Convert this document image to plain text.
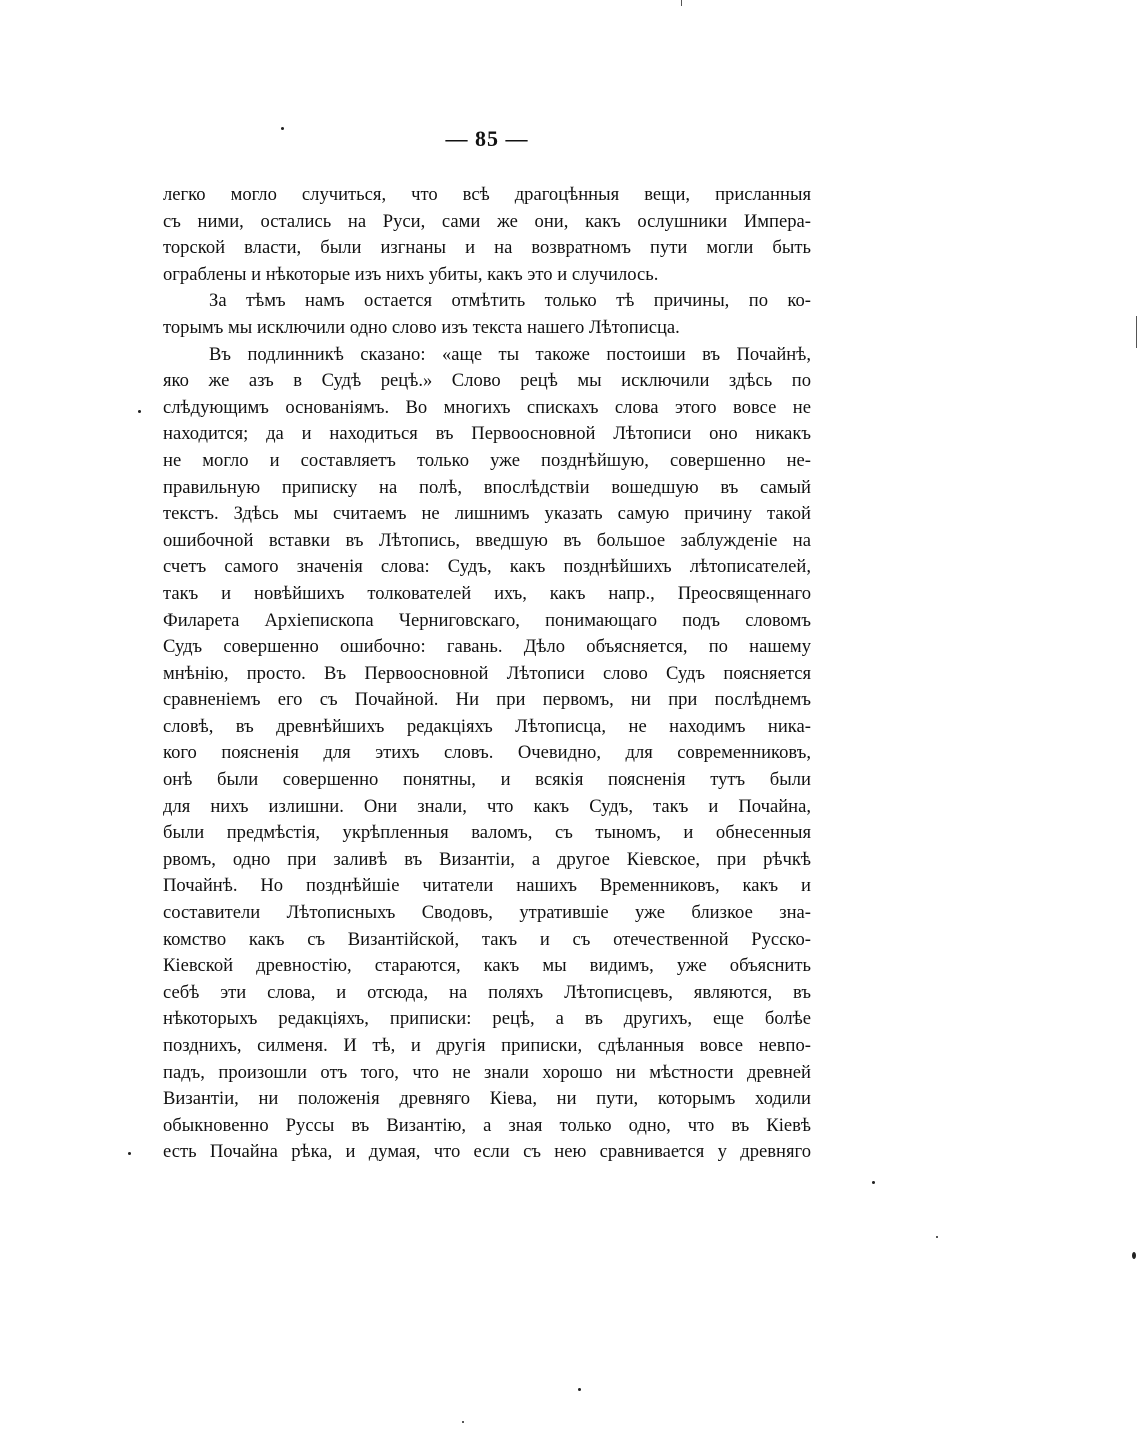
— 85 —
легко могло случиться, что всѣ драгоцѣнныя вещи, присланныя
съ ними, остались на Руси, сами же они, какъ ослушники Импера-
торской власти, были изгнаны и на возвратномъ пути могли быть
ограблены и нѣкоторые изъ нихъ убиты, какъ это и случилось.
За тѣмъ намъ остается отмѣтить только тѣ причины, по ко-
торымъ мы исключили одно слово изъ текста нашего Лѣтописца.
Въ подлинникѣ сказано: «аще ты такоже постоиши въ Почайнѣ,
яко же азъ в Судѣ рецѣ.» Слово рецѣ мы исключили здѣсь по
слѣдующимъ основаніямъ. Во многихъ спискахъ слова этого вовсе не
находится; да и находиться въ Первоосновной Лѣтописи оно никакъ
не могло и составляетъ только уже позднѣйшую, совершенно не-
правильную приписку на полѣ, впослѣдствіи вошедшую въ самый
текстъ. Здѣсь мы считаемъ не лишнимъ указать самую причину такой
ошибочной вставки въ Лѣтопись, введшую въ большое заблужденіе на
счетъ самого значенія слова: Судъ, какъ позднѣйшихъ лѣтописателей,
такъ и новѣйшихъ толкователей ихъ, какъ напр., Преосвященнаго
Филарета Архіепископа Черниговскаго, понимающаго подъ словомъ
Судъ совершенно ошибочно: гавань. Дѣло объясняется, по нашему
мнѣнію, просто. Въ Первоосновной Лѣтописи слово Судъ поясняется
сравненіемъ его съ Почайной. Ни при первомъ, ни при послѣднемъ
словѣ, въ древнѣйшихъ редакціяхъ Лѣтописца, не находимъ ника-
кого поясненія для этихъ словъ. Очевидно, для современниковъ,
онѣ были совершенно понятны, и всякія поясненія тутъ были
для нихъ излишни. Они знали, что какъ Судъ, такъ и Почайна,
были предмѣстія, укрѣпленныя валомъ, съ тыномъ, и обнесенныя
рвомъ, одно при заливѣ въ Византіи, а другое Кіевское, при рѣчкѣ
Почайнѣ. Но позднѣйшіе читатели нашихъ Временниковъ, какъ и
составители Лѣтописныхъ Сводовъ, утратившіе уже близкое зна-
комство какъ съ Византійской, такъ и съ отечественной Русско-
Кіевской древностію, стараются, какъ мы видимъ, уже объяснить
себѣ эти слова, и отсюда, на поляхъ Лѣтописцевъ, являются, въ
нѣкоторыхъ редакціяхъ, приписки: рецѣ, а въ другихъ, еще болѣе
позднихъ, силменя. И тѣ, и другія приписки, сдѣланныя вовсе невпо-
падъ, произошли отъ того, что не знали хорошо ни мѣстности древней
Византіи, ни положенія древняго Кіева, ни пути, которымъ ходили
обыкновенно Руссы въ Византію, а зная только одно, что въ Кіевѣ
есть Почайна рѣка, и думая, что если съ нею сравнивается у древняго
